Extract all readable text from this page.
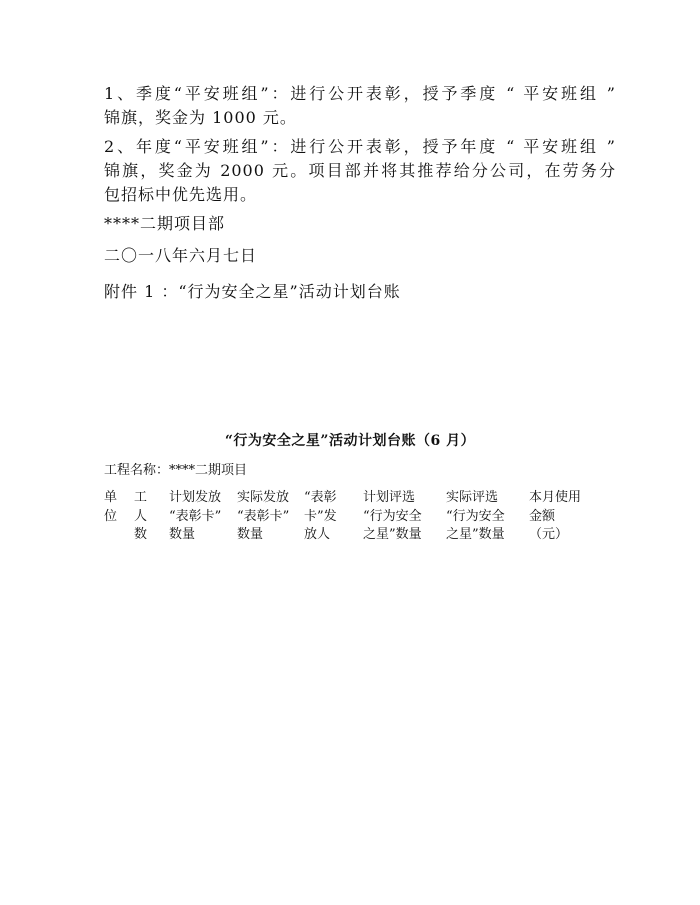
1、季度“平安班组”：进行公开表彰，授予季度 “ 平安班组 ”
锦旗，奖金为 1000 元。
2、年度“平安班组”：进行公开表彰，授予年度 “ 平安班组 ”
锦旗，奖金为 2000 元。项目部并将其推荐给分公司，在劳务分
包招标中优先选用。
****二期项目部
二〇一八年六月七日
附件 1 ：“行为安全之星”活动计划台账
“行为安全之星”活动计划台账（6 月）
工程名称：****二期项目
单
位
工
人
数
计划发放
“表彰卡”
数量
实际发放
“表彰卡”
数量
“表彰
卡”发
放人
计划评选
“行为安全
之星”数量
实际评选
“行为安全
之星”数量
本月使用
金额
（元）
